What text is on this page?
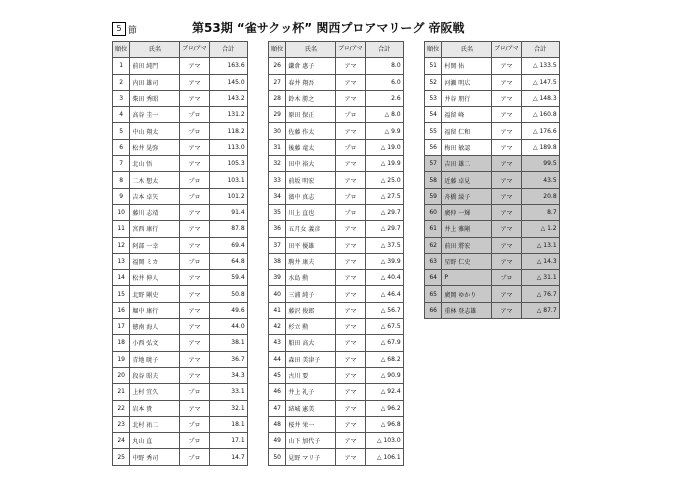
5 節	第53期 “雀サクッ杯” 関西プロアマリーグ 帝阪戦
順位	氏名	プロ/アマ	合計
1	前田 純門	アマ	163.6
2	内田 雄司	アマ	145.0
3	柴田 秀昭	アマ	143.2
4	高谷 圭一	プロ	131.2
5	中山 翔太	プロ	118.2
6	松井 晃弥	アマ	113.0
7	北山 悟	アマ	105.3
8	二木 想太	プロ	103.1
9	吉本 卓矢	プロ	101.2
10	藤川 志靖	アマ	91.4
11	宮西 康行	アマ	87.8
12	阿部 一幸	アマ	69.4
13	福岡 ミカ	プロ	64.8
14	松井 伸人	アマ	59.4
15	北野 剛史	アマ	50.8
16	堀中 康行	アマ	49.6
17	徳南 海人	アマ	44.0
18	小西 弘文	アマ	38.1
19	青地 暁子	アマ	36.7
20	段谷 昭夫	アマ	34.3
21	上村 宜久	プロ	33.1
22	岩本 貴	アマ	32.1
23	北村 祐二	プロ	18.1
24	丸山 直	プロ	17.1
25	中野 秀司	プロ	14.7
順位	氏名	プロ/アマ	合計
26	鎌倉 惠子	アマ	8.0
27	春井 翔吾	アマ	6.0
28	鈴木 勝之	アマ	2.6
29	原田 保正	プロ	△ 8.0
30	佐藤 作太	アマ	△ 9.9
31	後藤 竜太	プロ	△ 19.0
32	田中 裕大	アマ	△ 19.9
33	前坂 明宏	アマ	△ 25.0
34	濱中 真志	プロ	△ 27.5
35	川上 直也	プロ	△ 29.7
36	五月女 義彦	アマ	△ 29.7
37	田平 優雄	アマ	△ 37.5
38	駒井 康夫	アマ	△ 39.9
39	水島 勲	アマ	△ 40.4
40	三浦 純子	アマ	△ 46.4
41	藤沢 俊郎	アマ	△ 56.7
42	杉立 勲	アマ	△ 67.5
43	船田 高大	アマ	△ 67.9
44	森田 美津子	アマ	△ 68.2
45	古川 要	アマ	△ 90.9
46	井上 礼子	アマ	△ 92.4
47	結城 憲美	アマ	△ 96.2
48	桜井 栄一	アマ	△ 96.8
49	山下 加代子	アマ	△ 103.0
50	見野 マリ子	アマ	△ 106.1
順位	氏名	プロ/アマ	合計
51	村岡 佑	アマ	△ 133.5
52	河瀬 明広	アマ	△ 147.5
53	井谷 朋行	アマ	△ 148.3
54	福留 峰	アマ	△ 160.8
55	福留 仁和	アマ	△ 176.6
56	梅田 敏認	アマ	△ 189.8
57	吉田 雄二	アマ	99.5
58	近藤 卓見	アマ	43.5
59	舟橋 綾子	アマ	20.8
60	廣仲 一輝	アマ	8.7
61	井上 雅剛	アマ	△ 1.2
62	前田 將宏	アマ	△ 13.1
63	星野 仁史	アマ	△ 14.3
64	P	プロ	△ 31.1
65	廣岡 ゆかり	アマ	△ 76.7
66	重林 登志雄	アマ	△ 87.7
